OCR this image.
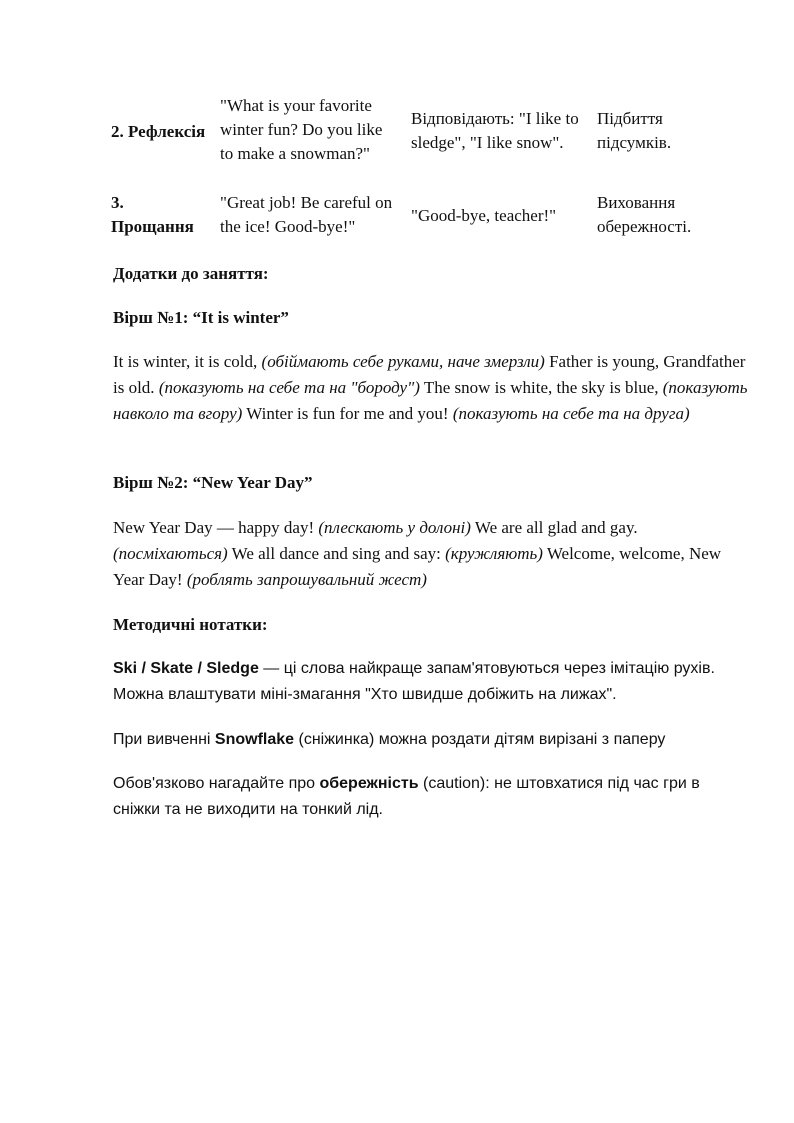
2. Рефлексія
"What is your favorite
winter fun? Do you like
to make a snowman?"
Відповідають: "I like to
sledge", "I like snow".
Підбиття
підсумків.
3.
Прощання
"Great job! Be careful on
the ice! Good-bye!"
"Good-bye, teacher!"
Виховання
обережності.
Додатки до заняття:
Вірш №1: “It is winter”
It is winter, it is cold, (обіймають себе руками, наче змерзли) Father is young, Grandfather is old. (показують на себе та на "бороду") The snow is white, the sky is blue, (показують навколо та вгору) Winter is fun for me and you! (показують на себе та на друга)
Вірш №2: “New Year Day”
New Year Day — happy day! (плескають у долоні) We are all glad and gay. (посміхаються) We all dance and sing and say: (кружляють) Welcome, welcome, New Year Day! (роблять запрошувальний жест)
Методичні нотатки:
Ski / Skate / Sledge — ці слова найкраще запам'ятовуються через імітацію рухів. Можна влаштувати міні-змагання "Хто швидше добіжить на лижах".
При вивченні Snowflake (сніжинка) можна роздати дітям вирізані з паперу
Обов'язково нагадайте про обережність (caution): не штовхатися під час гри в сніжки та не виходити на тонкий лід.
